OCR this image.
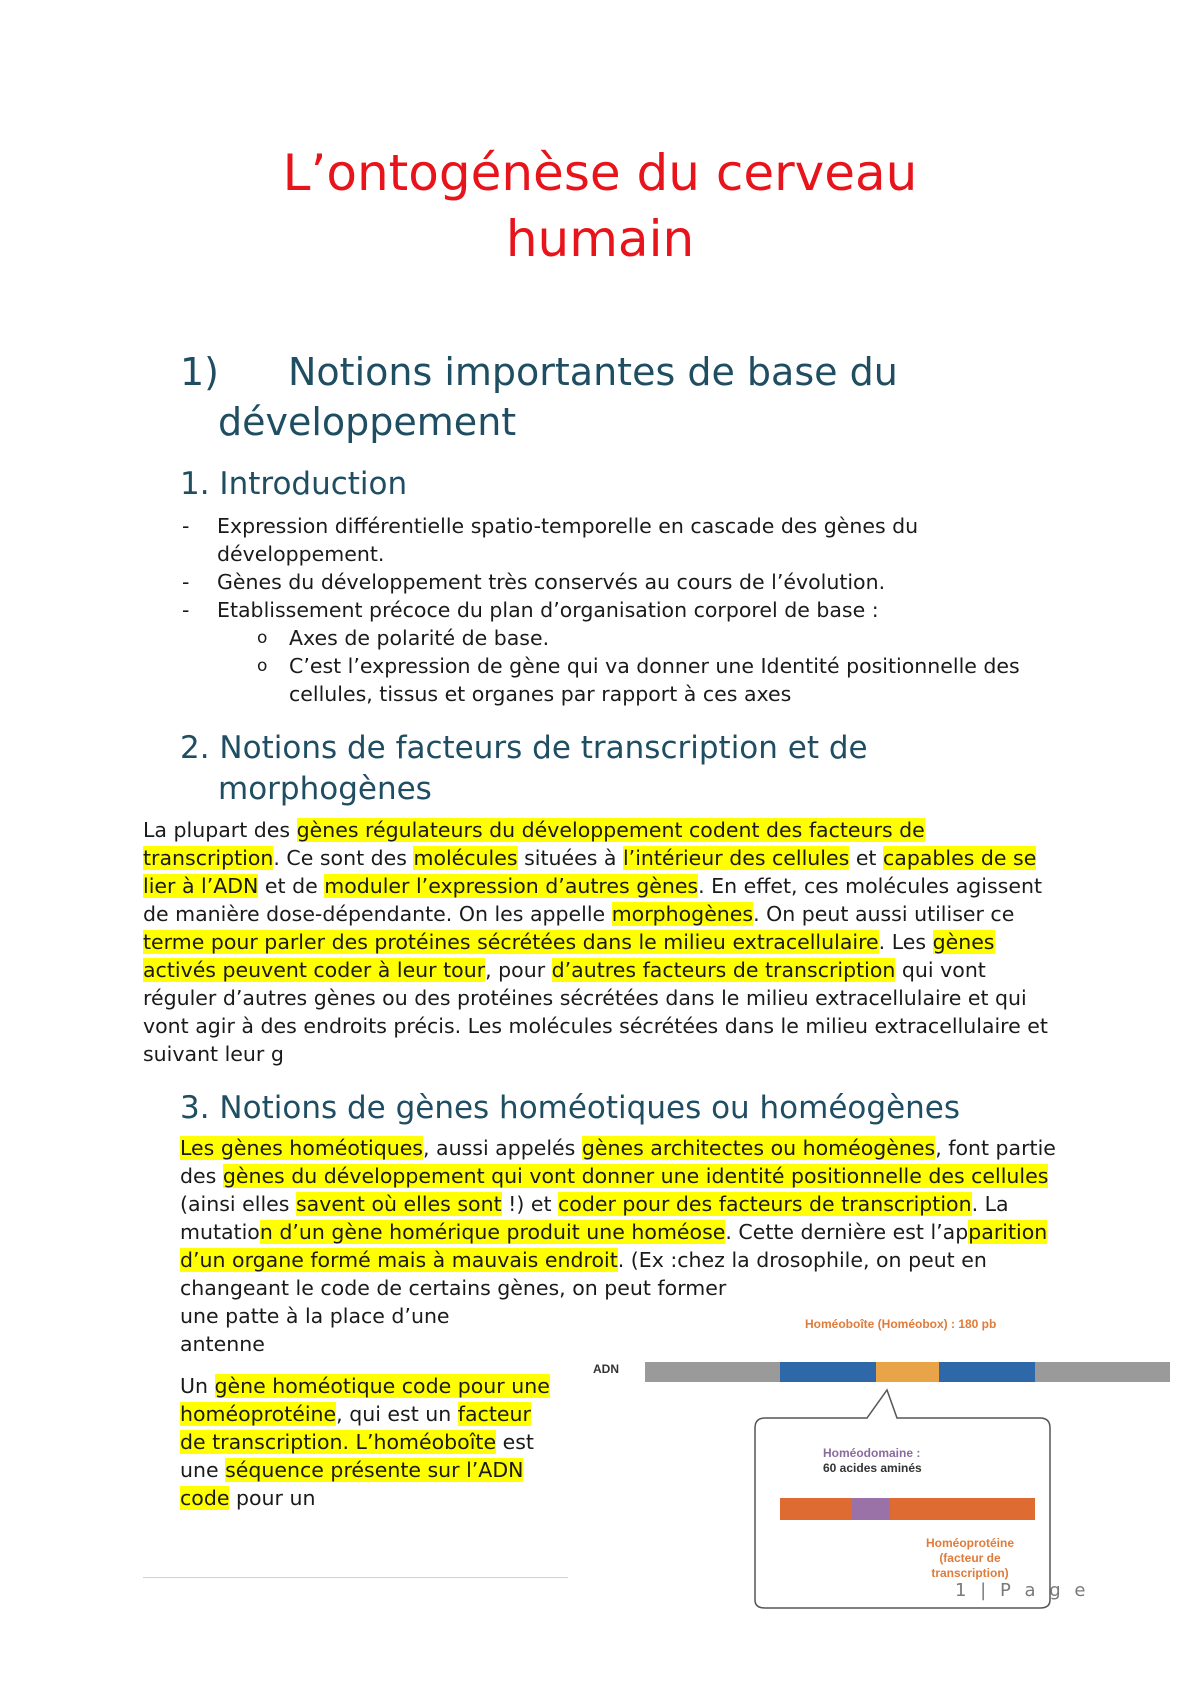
L’ontogénèse du cerveau
humain
1) Notions importantes de base du
développement
1. Introduction
- Expression différentielle spatio-temporelle en cascade des gènes du développement.
- Gènes du développement très conservés au cours de l’évolution.
- Etablissement précoce du plan d’organisation corporel de base :
o Axes de polarité de base.
o C’est l’expression de gène qui va donner une Identité positionnelle des cellules, tissus et organes par rapport à ces axes
2. Notions de facteurs de transcription et de
morphogènes

La plupart des gènes régulateurs du développement codent des facteurs de transcription. Ce sont des molécules situées à l’intérieur des cellules et capables de se lier à l’ADN et de moduler l’expression d’autres gènes. En effet, ces molécules agissent de manière dose-dépendante. On les appelle morphogènes. On peut aussi utiliser ce terme pour parler des protéines sécrétées dans le milieu extracellulaire. Les gènes activés peuvent coder à leur tour, pour d’autres facteurs de transcription qui vont réguler d’autres gènes ou des protéines sécrétées dans le milieu extracellulaire et qui vont agir à des endroits précis. Les molécules sécrétées dans le milieu extracellulaire et suivant leur g

3. Notions de gènes homéotiques ou homéogènes

Les gènes homéotiques, aussi appelés gènes architectes ou homéogènes, font partie des gènes du développement qui vont donner une identité positionnelle des cellules (ainsi elles savent où elles sont !) et coder pour des facteurs de transcription. La mutation d’un gène homérique produit une homéose. Cette dernière est l’apparition d’un organe formé mais à mauvais endroit. (Ex :chez la drosophile, on peut en changeant le code de certains gènes, on peut former

une patte à la place d’une
antenne

Un gène homéotique code pour une homéoprotéine, qui est un facteur de transcription. L’homéoboîte est une séquence présente sur l’ADN code pour un

Homéoboîte (Homéobox) : 180 pb
ADN
Homéodomaine :
60 acides aminés
Homéoprotéine
(facteur de
transcription)
1 | P a g e
